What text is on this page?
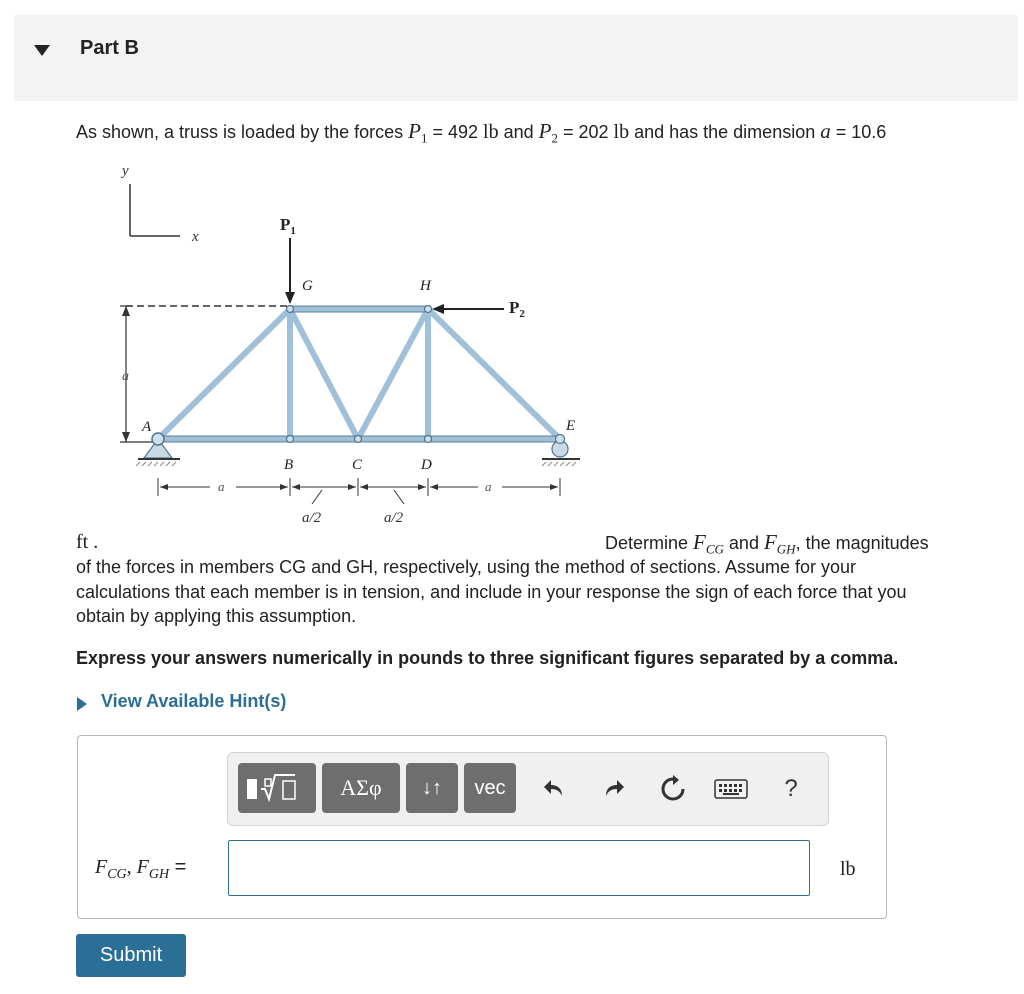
Part B
As shown, a truss is loaded by the forces $P_1 = 492$ lb and $P_2 = 202$ lb and has the dimension a = 10.6
y
x
a
$P_1$
$P_2$
G	H
A
B	C	D
E
a	a
a/2	a/2
ft .	Determine $F_{CG}$ and $F_{GH}$, the magnitudes
of the forces in members CG and GH, respectively, using the method of sections. Assume for your
calculations that each member is in tension, and include in your response the sign of each force that you
obtain by applying this assumption.
Express your answers numerically in pounds to three significant figures separated by a comma.
View Available Hint(s)
ΑΣφ	↓↑	vec	?
$F_{CG}$, $F_{GH}$ =	lb
Submit
